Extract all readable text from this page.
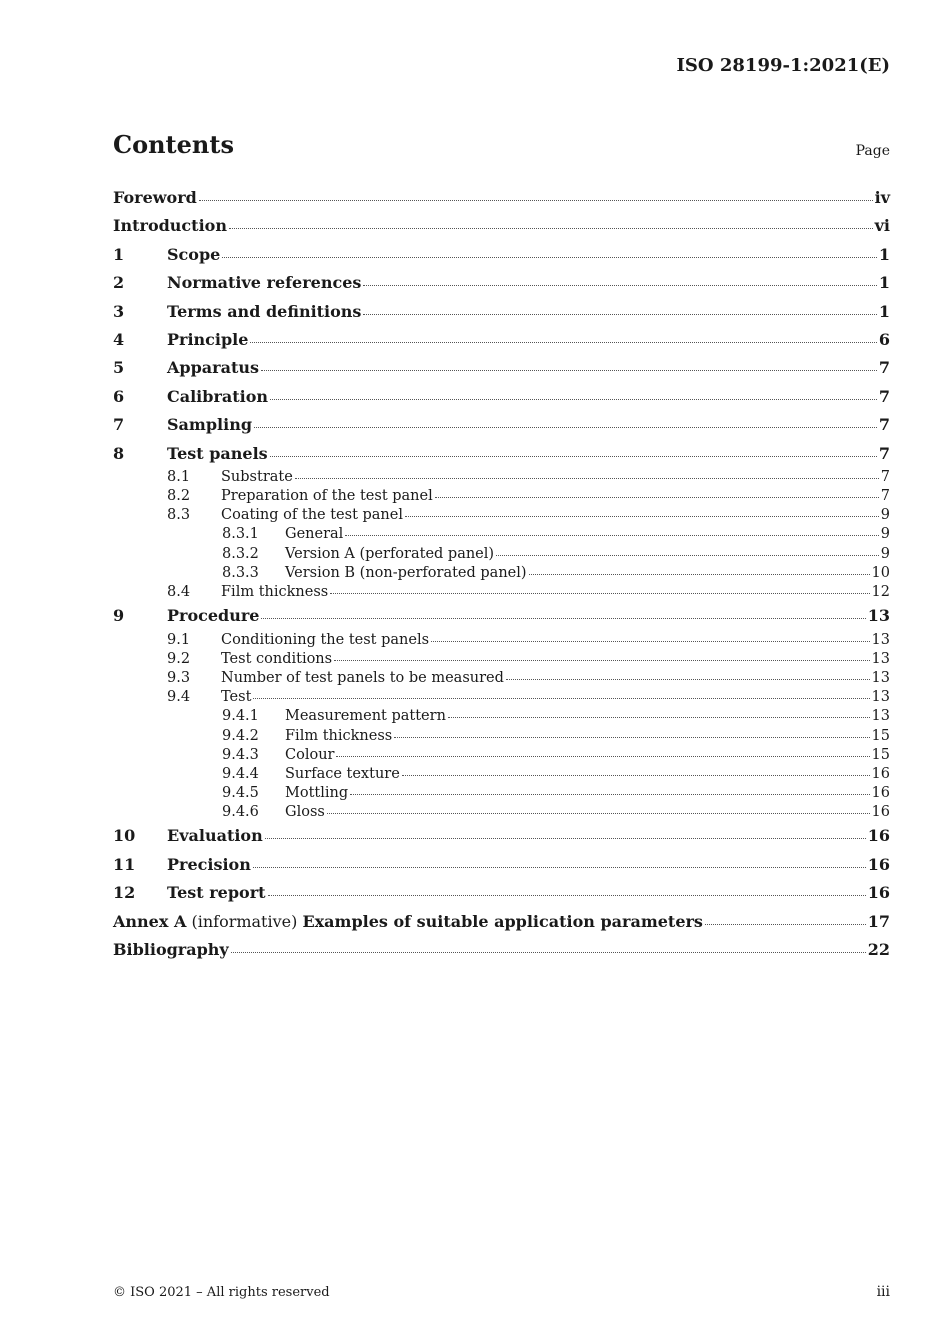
ISO 28199-1:2021(E)
Contents	Page
Foreword	iv
Introduction	vi
1	Scope	1
2	Normative references	1
3	Terms and definitions	1
4	Principle	6
5	Apparatus	7
6	Calibration	7
7	Sampling	7
8	Test panels	7
8.1	Substrate	7
8.2	Preparation of the test panel	7
8.3	Coating of the test panel	9
8.3.1	General	9
8.3.2	Version A (perforated panel)	9
8.3.3	Version B (non-perforated panel)	10
8.4	Film thickness	12
9	Procedure	13
9.1	Conditioning the test panels	13
9.2	Test conditions	13
9.3	Number of test panels to be measured	13
9.4	Test	13
9.4.1	Measurement pattern	13
9.4.2	Film thickness	15
9.4.3	Colour	15
9.4.4	Surface texture	16
9.4.5	Mottling	16
9.4.6	Gloss	16
10	Evaluation	16
11	Precision	16
12	Test report	16
Annex A (informative) Examples of suitable application parameters	17
Bibliography	22
© ISO 2021 – All rights reserved	iii
